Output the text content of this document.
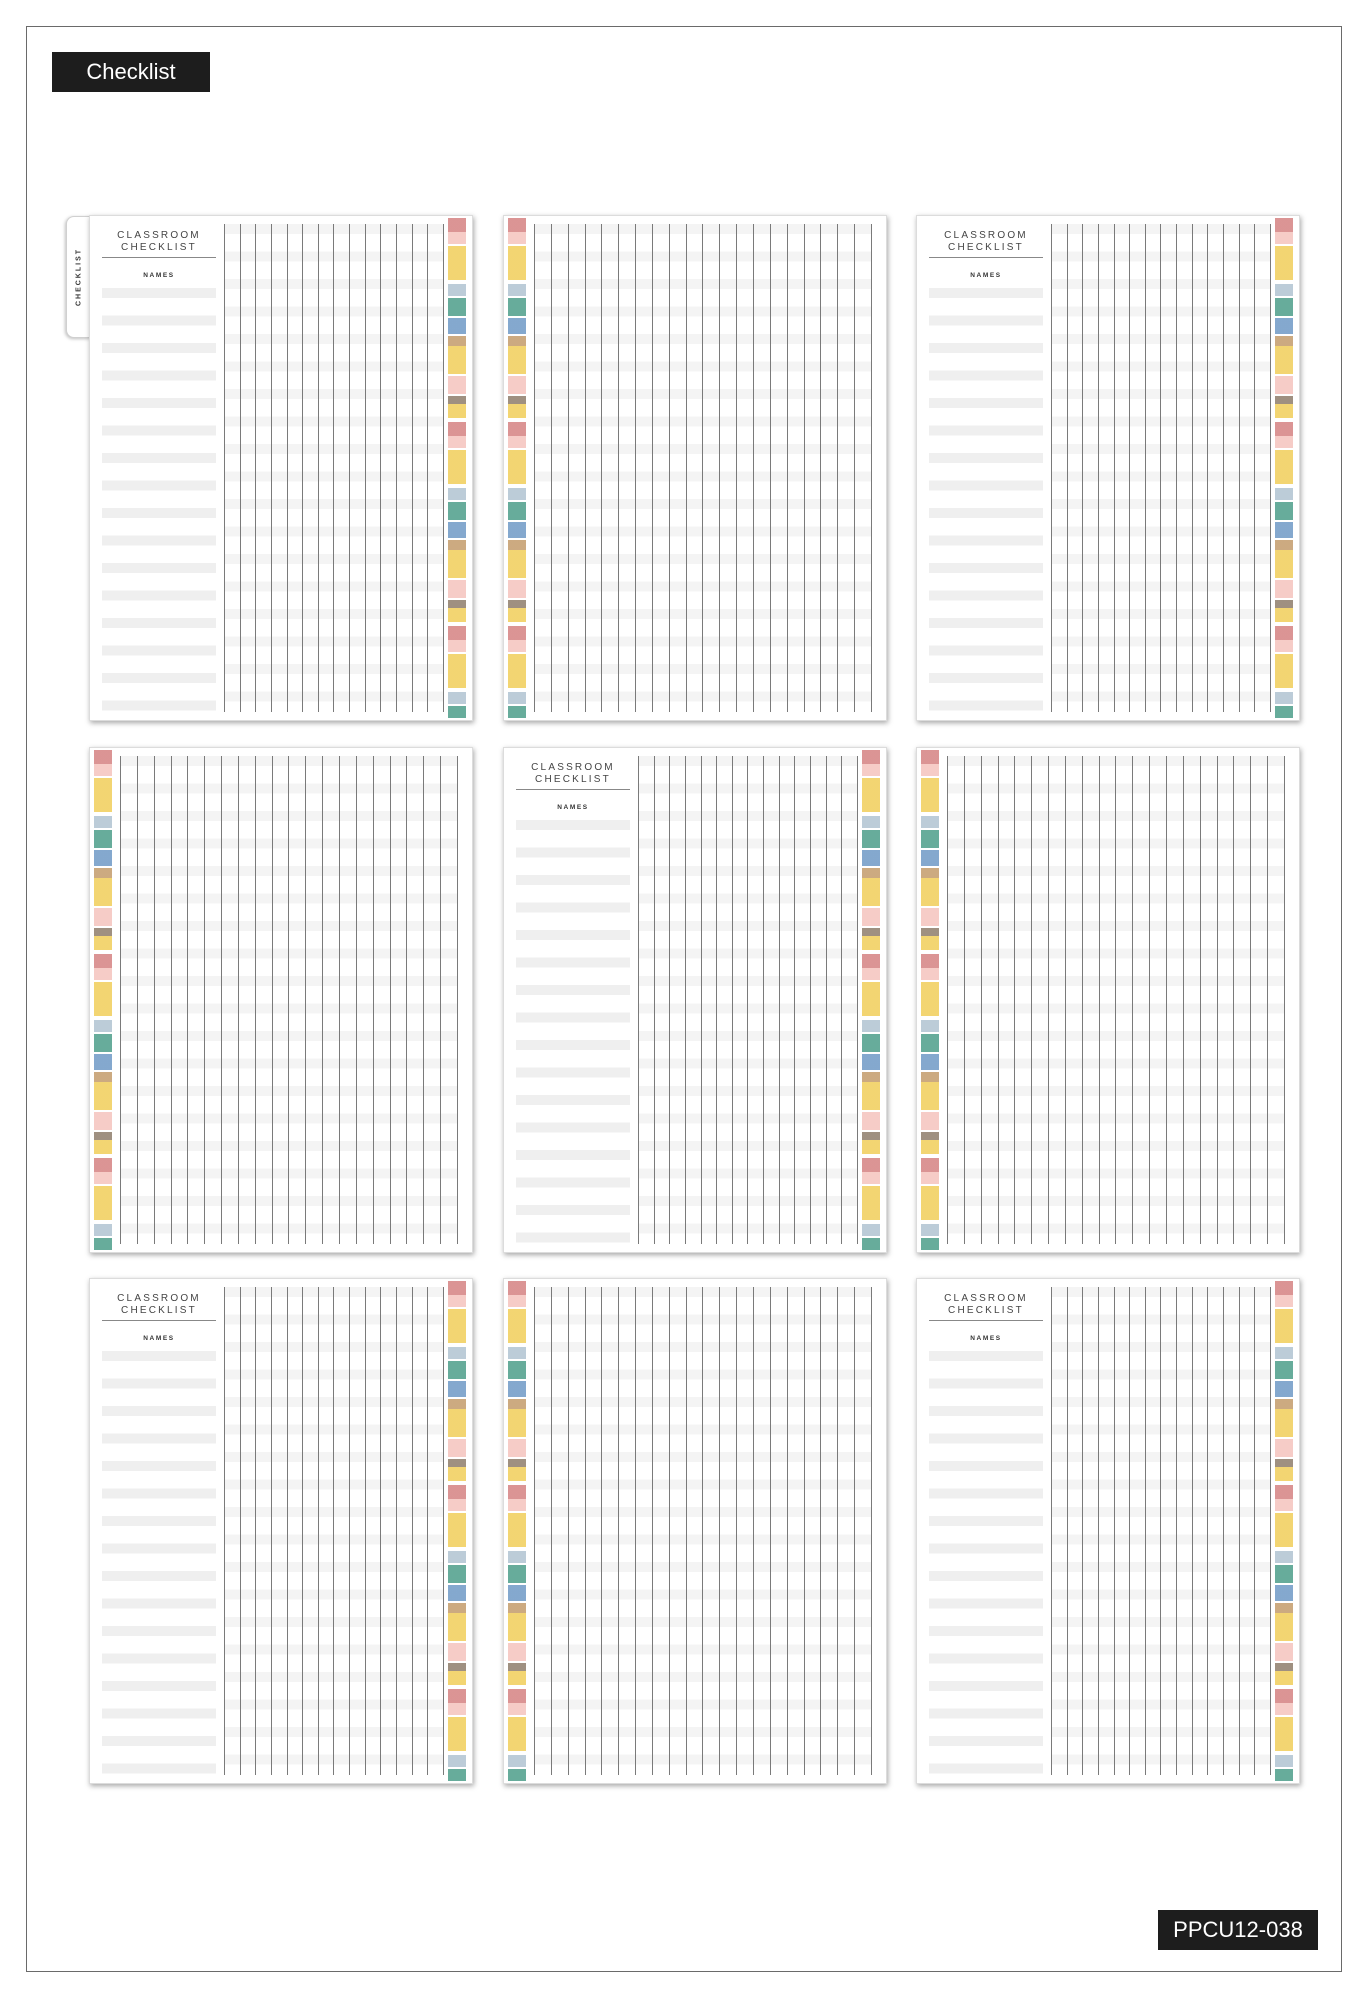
Checklist
CHECKLIST
CLASSROOM
CHECKLIST
NAMES
CLASSROOM
CHECKLIST
NAMES
CLASSROOM
CHECKLIST
NAMES
CLASSROOM
CHECKLIST
NAMES
CLASSROOM
CHECKLIST
NAMES
PPCU12-038
